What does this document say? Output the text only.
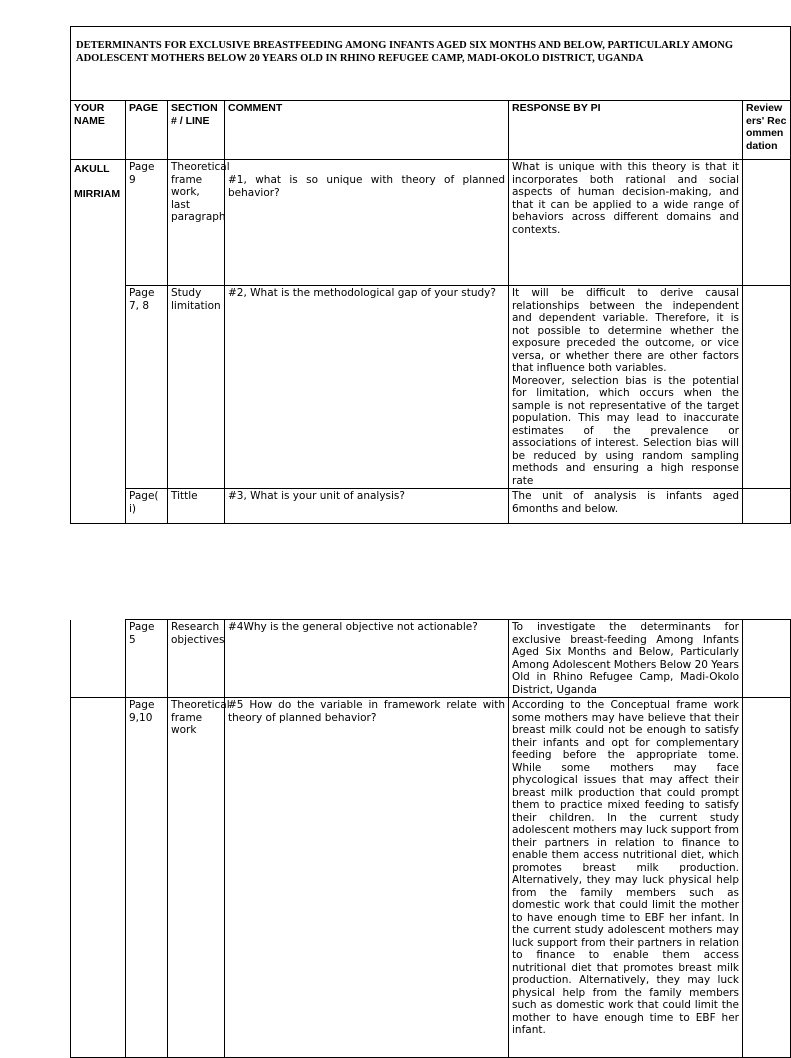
DETERMINANTS FOR EXCLUSIVE BREASTFEEDING AMONG INFANTS AGED SIX MONTHS AND BELOW, PARTICULARLY AMONG ADOLESCENT MOTHERS BELOW 20 YEARS OLD IN RHINO REFUGEE CAMP, MADI-OKOLO DISTRICT, UGANDA					
YOUR NAME	PAGE	SECTION # / LINE	COMMENT	RESPONSE BY PI	Reviewers' Recommendation

AKULL
MIRRIAM	Page 9	Theoretical frame work, last paragraph	#1, what is so unique with theory of planned behavior?	What is unique with this theory is that it incorporates both rational and social aspects of human decision-making, and that it can be applied to a wide range of behaviors across different domains and contexts.	
	Page 7, 8	Study limitation	#2, What is the methodological gap of your study?	It will be difficult to derive causal relationships between the independent and dependent variable. Therefore, it is not possible to determine whether the exposure preceded the outcome, or vice versa, or whether there are other factors that influence both variables.
Moreover, selection bias is the potential for limitation, which occurs when the sample is not representative of the target population. This may lead to inaccurate estimates of the prevalence or associations of interest. Selection bias will be reduced by using random sampling methods and ensuring a high response rate	

	Page( i)	Tittle	#3, What is your unit of analysis?	The unit of analysis is infants aged 6months and below.	
	Page 5	Research objectives	#4Why is the general objective not actionable?	To investigate the determinants for exclusive breast-feeding Among Infants Aged Six Months and Below, Particularly Among Adolescent Mothers Below 20 Years Old in Rhino Refugee Camp, Madi-Okolo District, Uganda	
	Page 9,10	Theoretical frame work	#5 How do the variable in framework relate with theory of planned behavior?	According to the Conceptual frame work some mothers may have believe that their breast milk could not be enough to satisfy their infants and opt for complementary feeding before the appropriate tome. While some mothers may face phycological issues that may affect their breast milk production that could prompt them to practice mixed feeding to satisfy their children. In the current study adolescent mothers may luck support from their partners in relation to finance to enable them access nutritional diet, which promotes breast milk production. Alternatively, they may luck physical help from the family members such as domestic work that could limit the mother to have enough time to EBF her infant. In the current study adolescent mothers may luck support from their partners in relation to finance to enable them access nutritional diet that promotes breast milk production. Alternatively, they may luck physical help from the family members such as domestic work that could limit the mother to have enough time to EBF her infant.	
